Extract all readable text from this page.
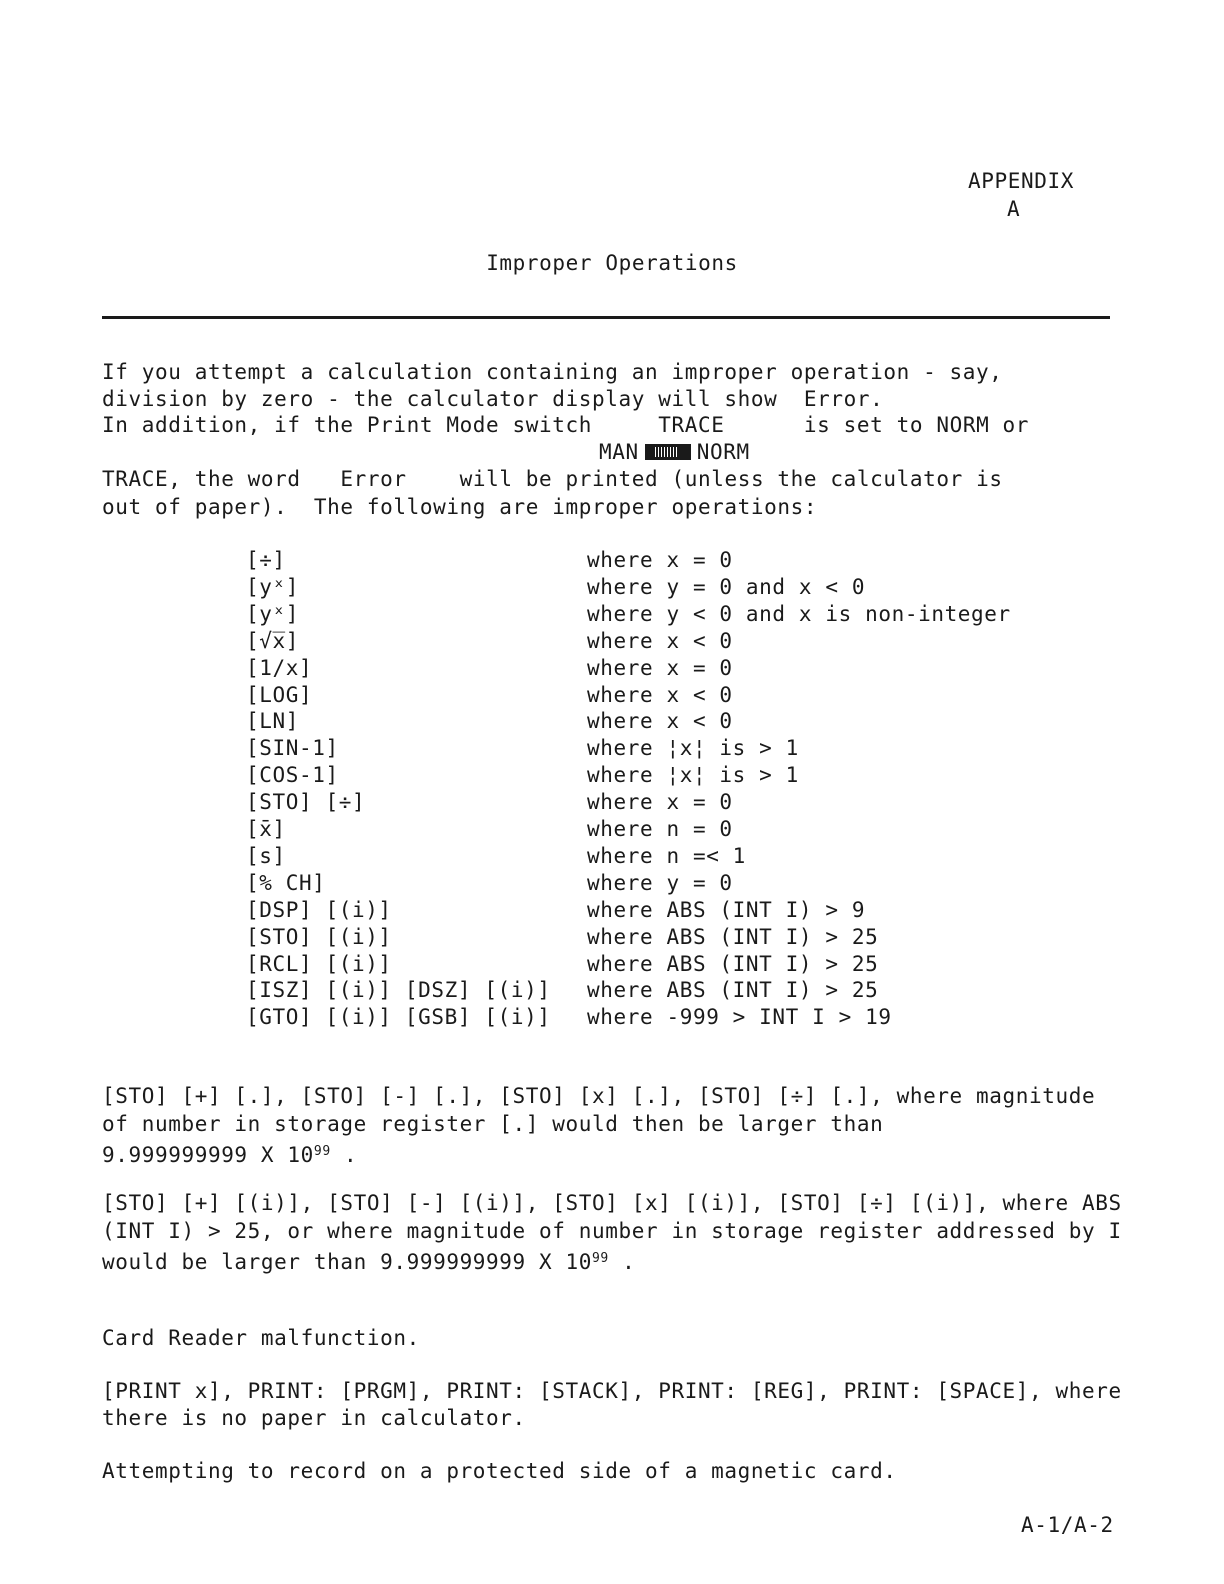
APPENDIX
A
Improper Operations
If you attempt a calculation containing an improper operation - say,
division by zero - the calculator display will show Error.
In addition, if the Print Mode switch	TRACE	is set to NORM or
MAN	NORM
TRACE, the word Error	will be printed (unless the calculator is
out of paper).  The following are improper operations:
[÷]	where x = 0
[yˣ]	where y = 0 and x < 0
[yˣ]	where y < 0 and x is non-integer
[√x̅]	where x < 0
[1/x]	where x = 0
[LOG]	where x < 0
[LN]	where x < 0
[SIN-1]	where ¦x¦ is > 1
[COS-1]	where ¦x¦ is > 1
[STO] [÷]	where x = 0
[x̄]	where n = 0
[s]	where n =< 1
[% CH]	where y = 0
[DSP] [(i)]	where ABS (INT I) > 9
[STO] [(i)]	where ABS (INT I) > 25
[RCL] [(i)]	where ABS (INT I) > 25
[ISZ] [(i)] [DSZ] [(i)] where ABS (INT I) > 25
[GTO] [(i)] [GSB] [(i)] where -999 > INT I > 19
[STO] [+] [.], [STO] [-] [.], [STO] [x] [.], [STO] [÷] [.], where magnitude
of number in storage register [.] would then be larger than
9.999999999 X $10^{99}$ .
[STO] [+] [(i)], [STO] [-] [(i)], [STO] [x] [(i)], [STO] [÷] [(i)], where ABS
(INT I) > 25, or where magnitude of number in storage register addressed by I
would be larger than 9.999999999 X $10^{99}$ .
Card Reader malfunction.
[PRINT x], PRINT: [PRGM], PRINT: [STACK], PRINT: [REG], PRINT: [SPACE], where
there is no paper in calculator.
Attempting to record on a protected side of a magnetic card.
A-1/A-2
